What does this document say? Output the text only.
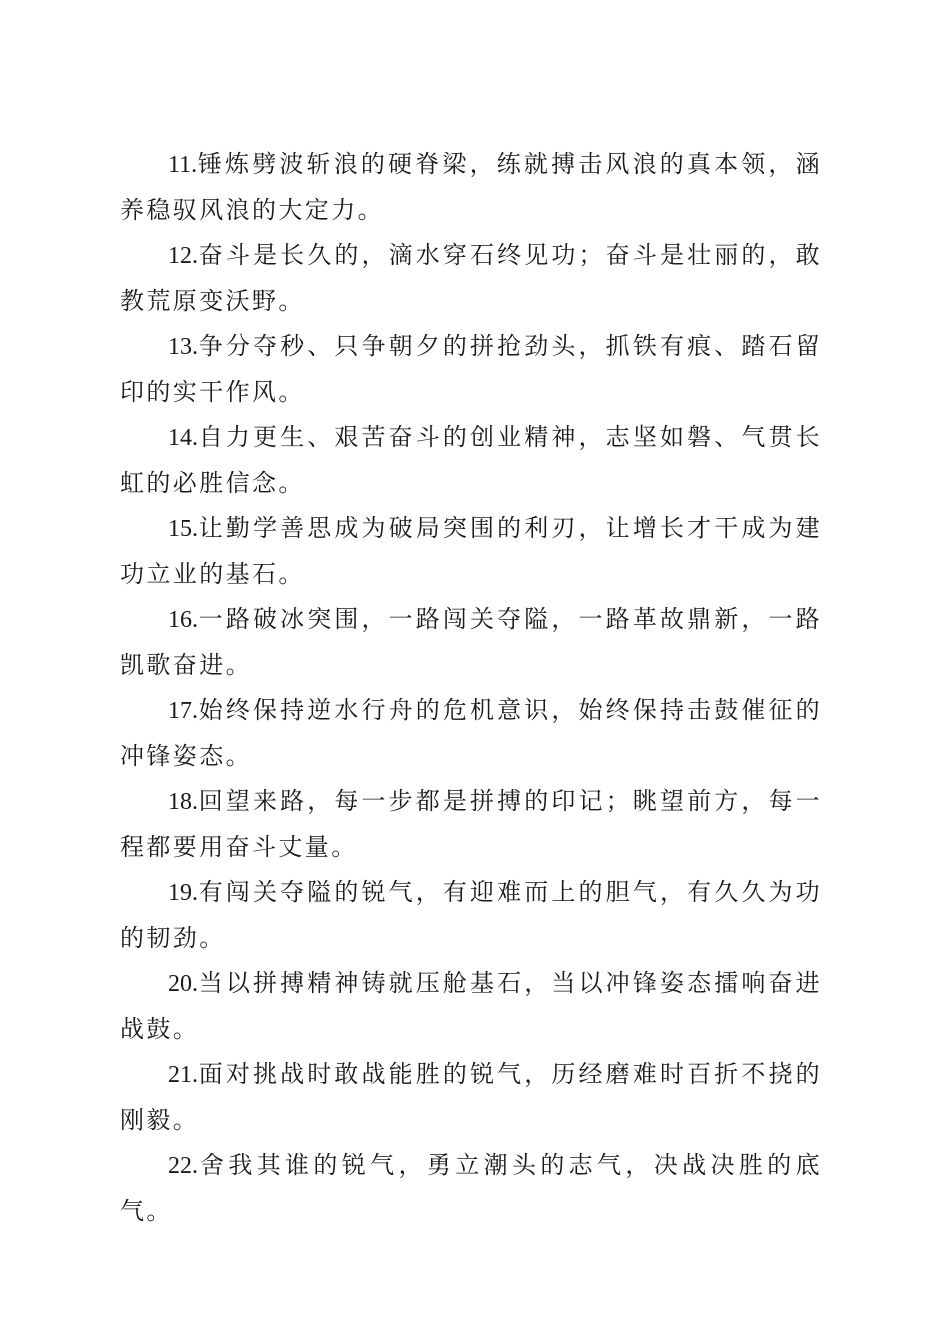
11.锤炼劈波斩浪的硬脊梁，练就搏击风浪的真本领，涵养稳驭风浪的大定力。

12.奋斗是长久的，滴水穿石终见功；奋斗是壮丽的，敢教荒原变沃野。

13.争分夺秒、只争朝夕的拼抢劲头，抓铁有痕、踏石留印的实干作风。

14.自力更生、艰苦奋斗的创业精神，志坚如磐、气贯长虹的必胜信念。

15.让勤学善思成为破局突围的利刃，让增长才干成为建功立业的基石。

16.一路破冰突围，一路闯关夺隘，一路革故鼎新，一路凯歌奋进。

17.始终保持逆水行舟的危机意识，始终保持击鼓催征的冲锋姿态。

18.回望来路，每一步都是拼搏的印记；眺望前方，每一程都要用奋斗丈量。

19.有闯关夺隘的锐气，有迎难而上的胆气，有久久为功的韧劲。

20.当以拼搏精神铸就压舱基石，当以冲锋姿态擂响奋进战鼓。

21.面对挑战时敢战能胜的锐气，历经磨难时百折不挠的刚毅。

22.舍我其谁的锐气，勇立潮头的志气，决战决胜的底气。
